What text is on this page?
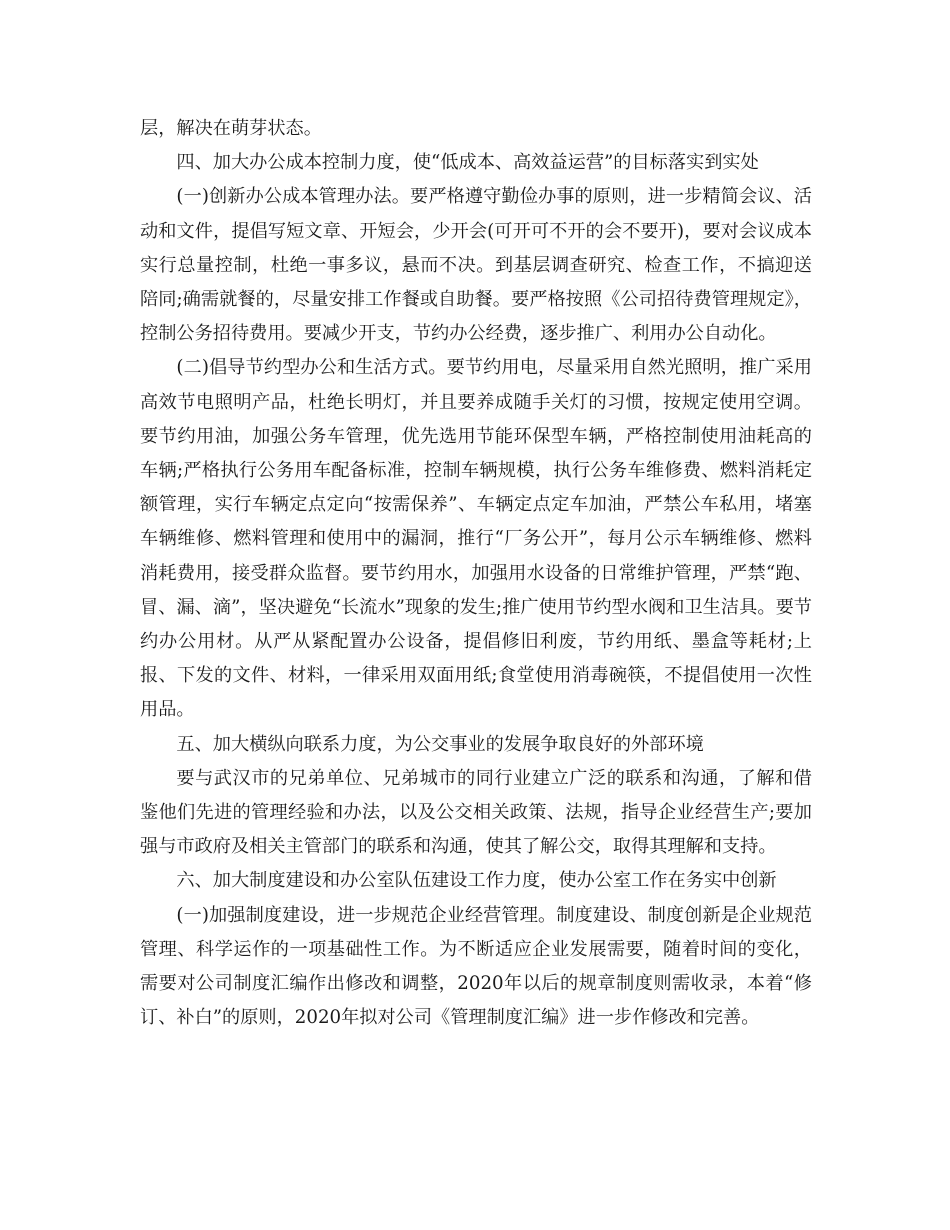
层，解决在萌芽状态。

四、加大办公成本控制力度，使“低成本、高效益运营”的目标落实到实处

(一)创新办公成本管理办法。要严格遵守勤俭办事的原则，进一步精简会议、活动和文件，提倡写短文章、开短会，少开会(可开可不开的会不要开)，要对会议成本实行总量控制，杜绝一事多议，悬而不决。到基层调查研究、检查工作，不搞迎送陪同;确需就餐的，尽量安排工作餐或自助餐。要严格按照《公司招待费管理规定》，控制公务招待费用。要减少开支，节约办公经费，逐步推广、利用办公自动化。

(二)倡导节约型办公和生活方式。要节约用电，尽量采用自然光照明，推广采用高效节电照明产品，杜绝长明灯，并且要养成随手关灯的习惯，按规定使用空调。要节约用油，加强公务车管理，优先选用节能环保型车辆，严格控制使用油耗高的车辆;严格执行公务用车配备标准，控制车辆规模，执行公务车维修费、燃料消耗定额管理，实行车辆定点定向“按需保养”、车辆定点定车加油，严禁公车私用，堵塞车辆维修、燃料管理和使用中的漏洞，推行“厂务公开”，每月公示车辆维修、燃料消耗费用，接受群众监督。要节约用水，加强用水设备的日常维护管理，严禁“跑、冒、漏、滴”，坚决避免“长流水”现象的发生;推广使用节约型水阀和卫生洁具。要节约办公用材。从严从紧配置办公设备，提倡修旧利废，节约用纸、墨盒等耗材;上报、下发的文件、材料，一律采用双面用纸;食堂使用消毒碗筷，不提倡使用一次性用品。

五、加大横纵向联系力度，为公交事业的发展争取良好的外部环境

要与武汉市的兄弟单位、兄弟城市的同行业建立广泛的联系和沟通，了解和借鉴他们先进的管理经验和办法，以及公交相关政策、法规，指导企业经营生产;要加强与市政府及相关主管部门的联系和沟通，使其了解公交，取得其理解和支持。

六、加大制度建设和办公室队伍建设工作力度，使办公室工作在务实中创新

(一)加强制度建设，进一步规范企业经营管理。制度建设、制度创新是企业规范管理、科学运作的一项基础性工作。为不断适应企业发展需要，随着时间的变化，需要对公司制度汇编作出修改和调整，2020年以后的规章制度则需收录，本着“修订、补白”的原则，2020年拟对公司《管理制度汇编》进一步作修改和完善。
